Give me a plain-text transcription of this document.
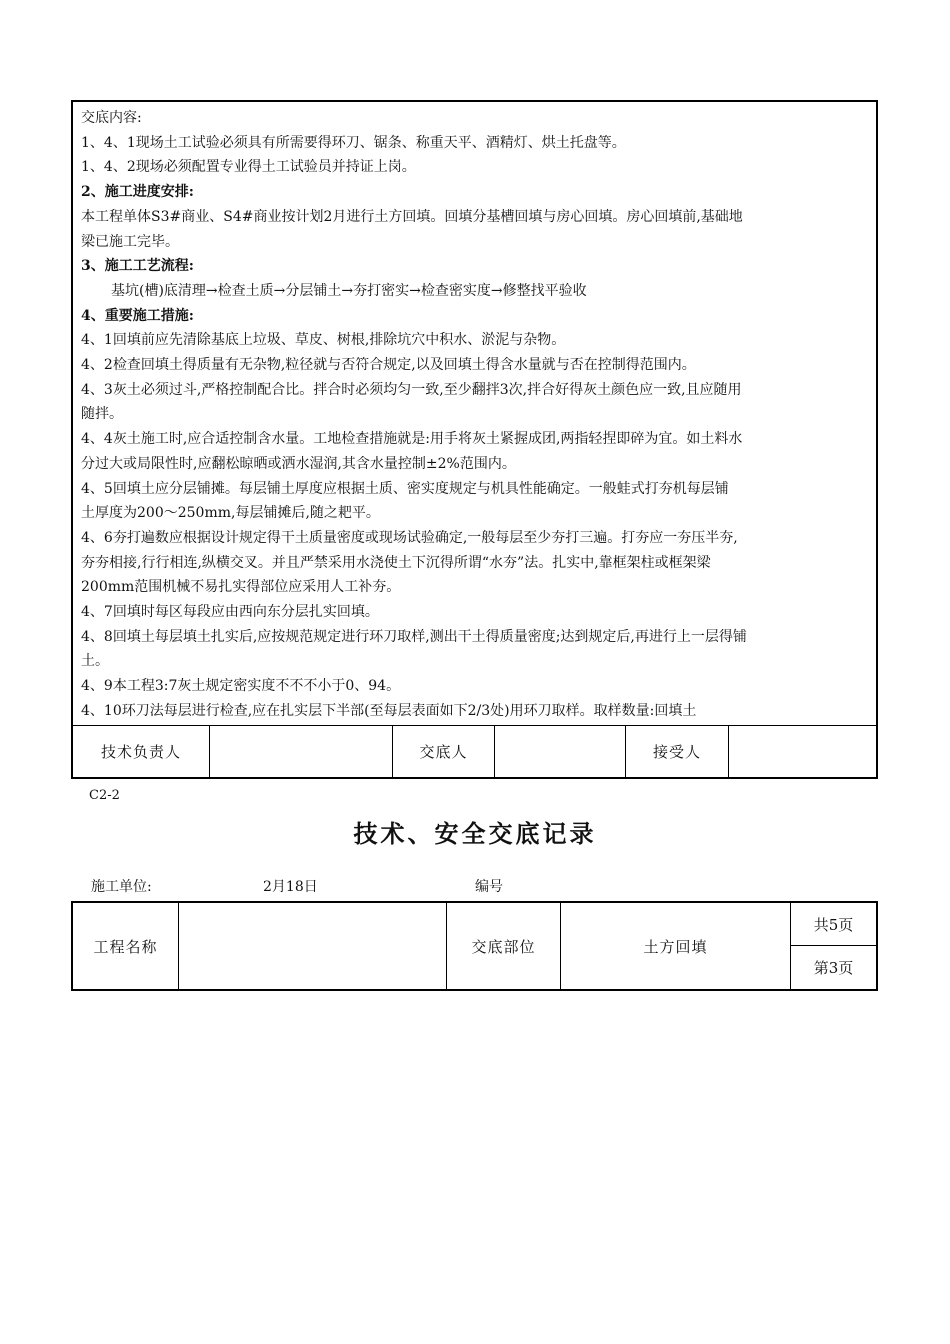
交底内容:
1、4、1现场土工试验必须具有所需要得环刀、锯条、称重天平、酒精灯、烘土托盘等。
1、4、2现场必须配置专业得土工试验员并持证上岗。
2、施工进度安排:
本工程单体S3#商业、S4#商业按计划2月进行土方回填。回填分基槽回填与房心回填。房心回填前,基础地
梁已施工完毕。
3、施工工艺流程:
基坑(槽)底清理→检查土质→分层铺土→夯打密实→检查密实度→修整找平验收
4、重要施工措施:
4、1回填前应先清除基底上垃圾、草皮、树根,排除坑穴中积水、淤泥与杂物。
4、2检查回填土得质量有无杂物,粒径就与否符合规定,以及回填土得含水量就与否在控制得范围内。
4、3灰土必须过斗,严格控制配合比。拌合时必须均匀一致,至少翻拌3次,拌合好得灰土颜色应一致,且应随用
随拌。
4、4灰土施工时,应合适控制含水量。工地检查措施就是:用手将灰土紧握成团,两指轻捏即碎为宜。如土料水
分过大或局限性时,应翻松晾晒或洒水湿润,其含水量控制±2%范围内。
4、5回填土应分层铺摊。每层铺土厚度应根据土质、密实度规定与机具性能确定。一般蛙式打夯机每层铺
土厚度为200～250mm,每层铺摊后,随之耙平。
4、6夯打遍数应根据设计规定得干土质量密度或现场试验确定,一般每层至少夯打三遍。打夯应一夯压半夯,
夯夯相接,行行相连,纵横交叉。并且严禁采用水浇使土下沉得所谓“水夯”法。扎实中,靠框架柱或框架梁
200mm范围机械不易扎实得部位应采用人工补夯。
4、7回填时每区每段应由西向东分层扎实回填。
4、8回填土每层填土扎实后,应按规范规定进行环刀取样,测出干土得质量密度;达到规定后,再进行上一层得铺
土。
4、9本工程3:7灰土规定密实度不不不小于0、94。
4、10环刀法每层进行检查,应在扎实层下半部(至每层表面如下2/3处)用环刀取样。取样数量:回填土
技术负责人	交底人	接受人
C2-2
技术、安全交底记录
施工单位:	2月18日	编号
工程名称	交底部位	土方回填
共5页
第3页
